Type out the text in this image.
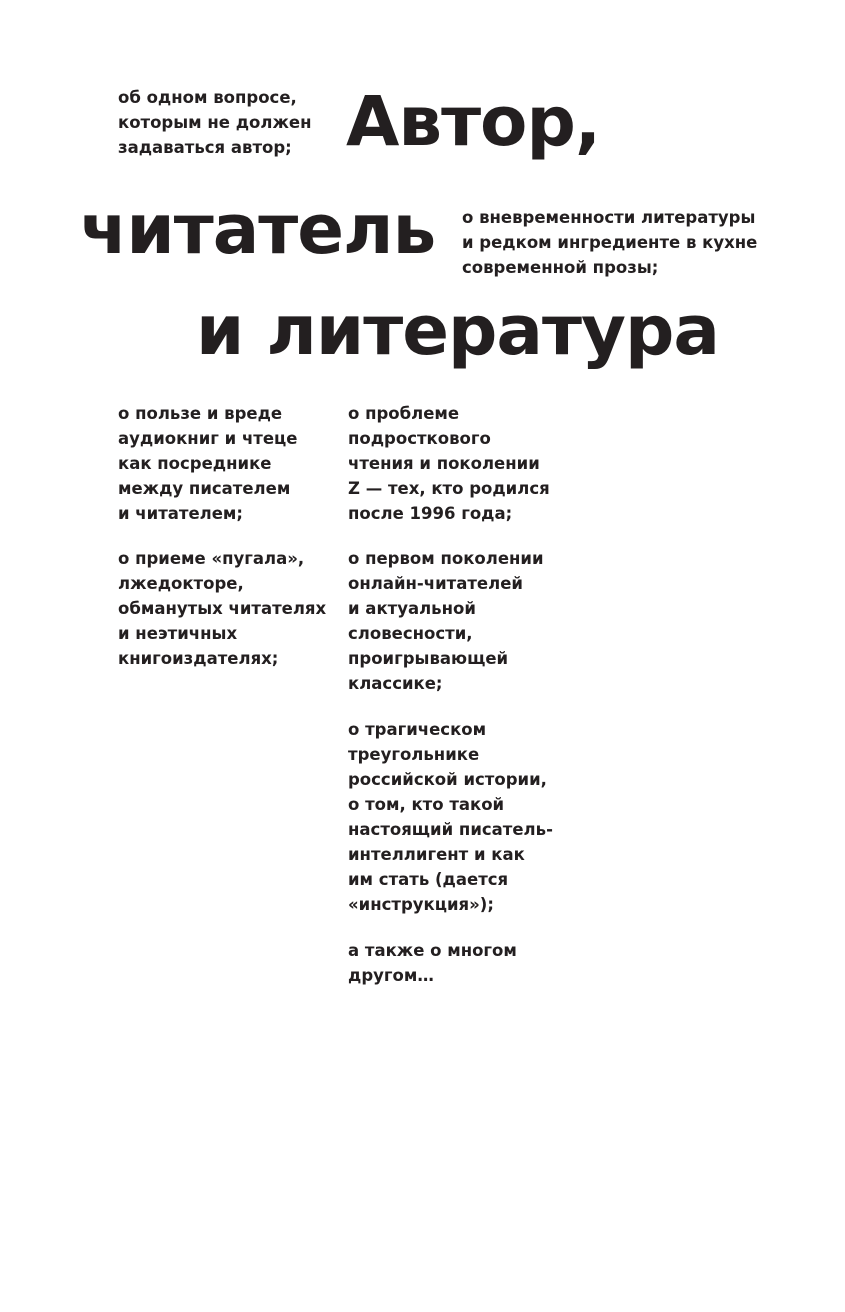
об одном вопросе,
которым не должен
задаваться автор; Автор,
читатель
и литература
о вневременности литературы
и редком ингредиенте в кухне
современной прозы;
о пользе и вреде
аудиокниг и чтеце
как посреднике
между писателем
и читателем;
о приеме «пугала»,
лжедокторе,
обманутых читателях
и неэтичных
книгоиздателях;
о проблеме
подросткового
чтения и поколении
Z — тех, кто родился
после 1996 года;
о первом поколении
онлайн-читателей
и актуальной
словесности,
проигрывающей
классике;
о трагическом
треугольнике
российской истории,
о том, кто такой
настоящий писатель-
интеллигент и как
им стать (дается
«инструкция»);
а также о многом
другом…
